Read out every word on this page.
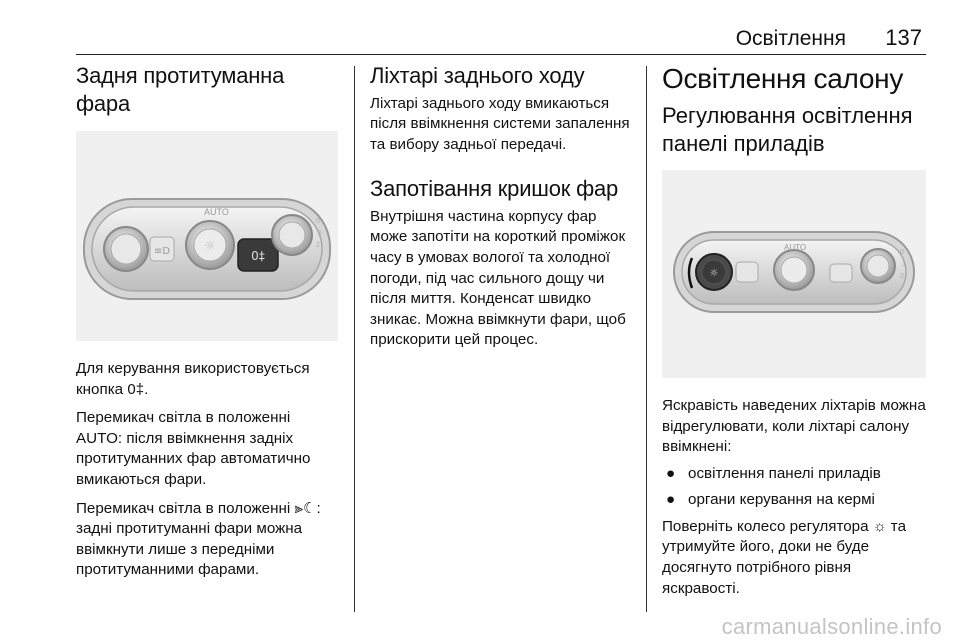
Освітлення 137
Задня протитуманна фара
≡D	☼
AUTO
0‡
0
1
2

Для керування використовується кнопка 0‡.

Перемикач світла в положенні AUTO: після ввімкнення задніх протитуманних фар автоматично вмикаються фари.

Перемикач світла в положенні ⫸☾: задні протитуманні фари можна ввімкнути лише з передніми протитуманними фарами.

Ліхтарі заднього ходу

Ліхтарі заднього ходу вмикаються після ввімкнення системи запалення та вибору задньої передачі.

Запотівання кришок фар

Внутрішня частина корпусу фар може запотіти на короткий проміжок часу в умовах вологої та холодної погоди, під час сильного дощу чи після миття. Конденсат швидко зникає. Можна ввімкнути фари, щоб прискорити цей процес.

Освітлення салону
Регулювання освітлення панелі приладів
☼
AUTO
0
1
2

Яскравість наведених ліхтарів можна відрегулювати, коли ліхтарі салону ввімкнені:

● освітлення панелі приладів
● органи керування на кермі

Поверніть колесо регулятора ☼ та утримуйте його, доки не буде досягнуто потрібного рівня яскравості.

carmanualsonline.info
